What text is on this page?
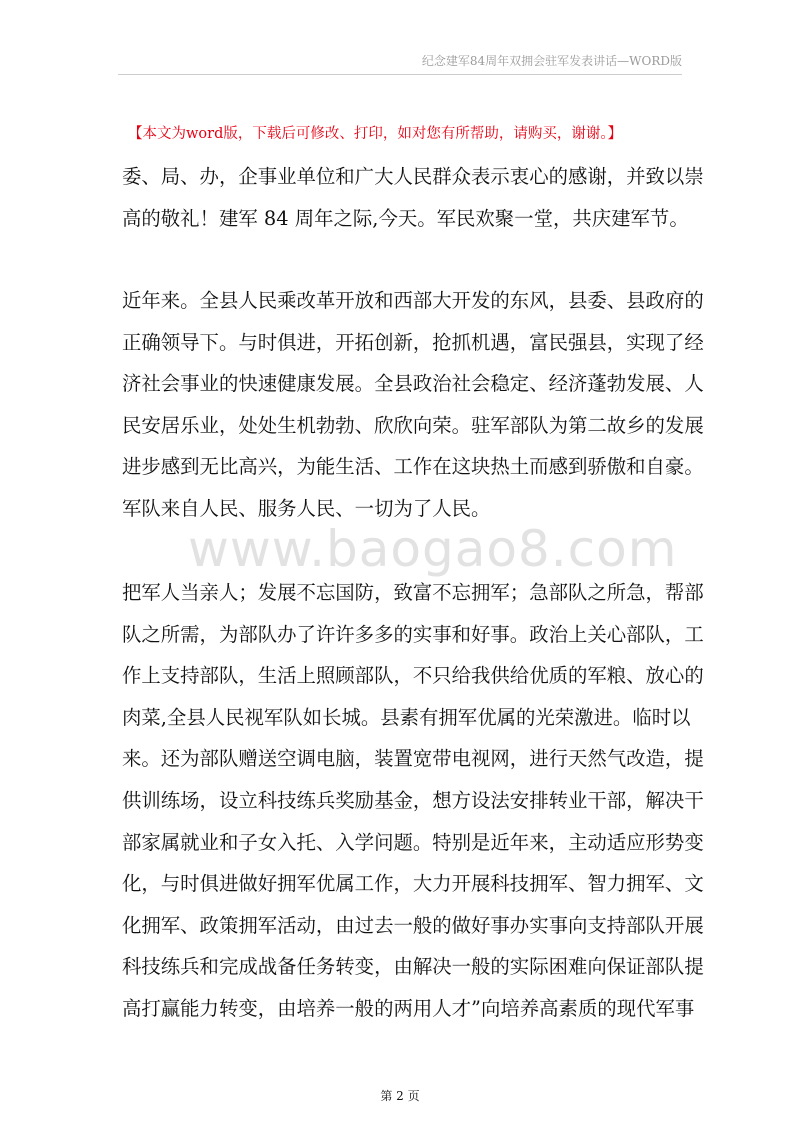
纪念建军84周年双拥会驻军发表讲话—WORD版
【本文为word版，下载后可修改、打印，如对您有所帮助，请购买，谢谢。】
www.baogao8.com
委、局、办，企事业单位和广大人民群众表示衷心的感谢，并致以崇
高的敬礼！建军 84 周年之际,今天。军民欢聚一堂，共庆建军节。
近年来。全县人民乘改革开放和西部大开发的东风，县委、县政府的
正确领导下。与时俱进，开拓创新，抢抓机遇，富民强县，实现了经
济社会事业的快速健康发展。全县政治社会稳定、经济蓬勃发展、人
民安居乐业，处处生机勃勃、欣欣向荣。驻军部队为第二故乡的发展
进步感到无比高兴，为能生活、工作在这块热土而感到骄傲和自豪。
军队来自人民、服务人民、一切为了人民。
把军人当亲人；发展不忘国防，致富不忘拥军；急部队之所急，帮部
队之所需，为部队办了许许多多的实事和好事。政治上关心部队，工
作上支持部队，生活上照顾部队，不只给我供给优质的军粮、放心的
肉菜,全县人民视军队如长城。县素有拥军优属的光荣激进。临时以
来。还为部队赠送空调电脑，装置宽带电视网，进行天然气改造，提
供训练场，设立科技练兵奖励基金，想方设法安排转业干部，解决干
部家属就业和子女入托、入学问题。特别是近年来，主动适应形势变
化，与时俱进做好拥军优属工作，大力开展科技拥军、智力拥军、文
化拥军、政策拥军活动，由过去一般的做好事办实事向支持部队开展
科技练兵和完成战备任务转变，由解决一般的实际困难向保证部队提
高打赢能力转变，由培养一般的两用人才”向培养高素质的现代军事
第 2 页
